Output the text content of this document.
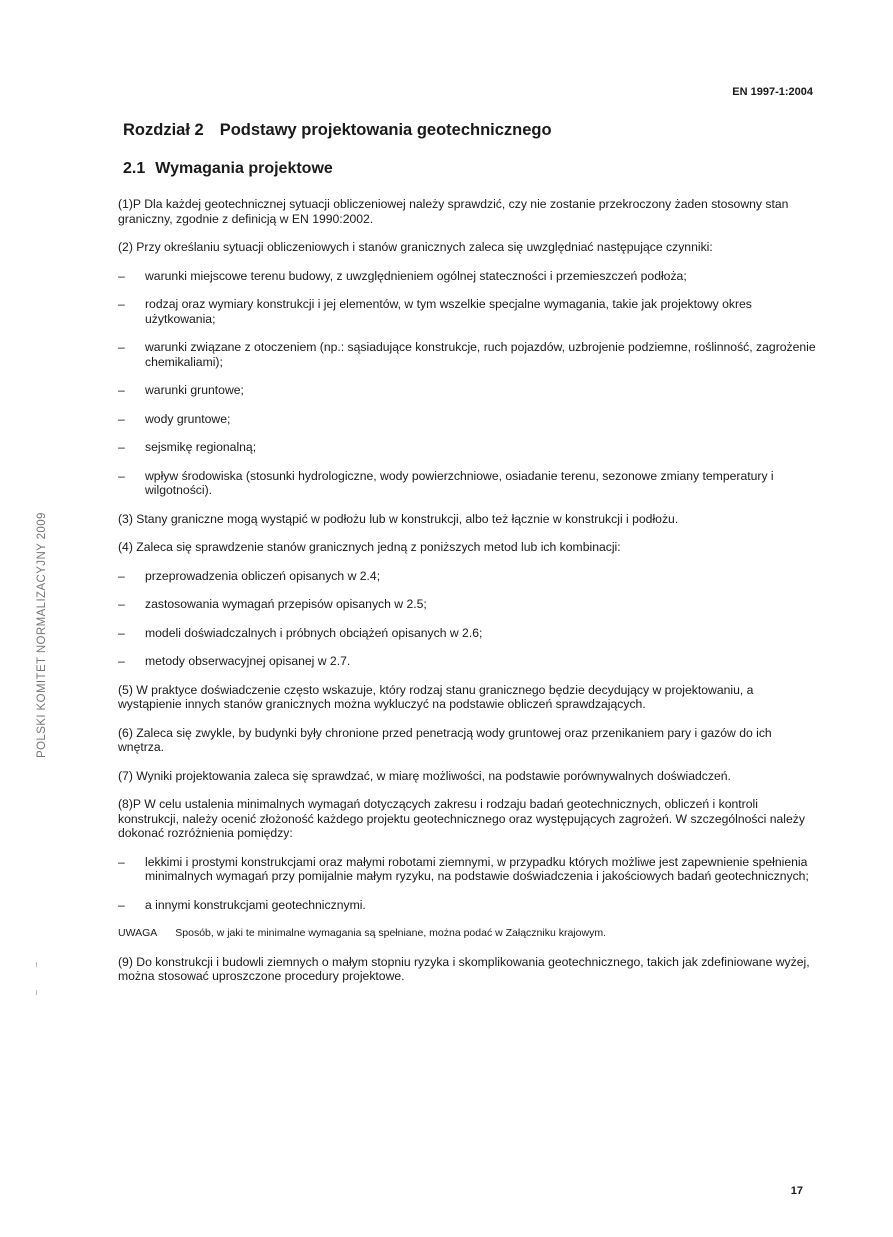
EN 1997-1:2004
POLSKI KOMITET NORMALIZACYJNY 2009
Rozdział 2 Podstawy projektowania geotechnicznego
2.1 Wymagania projektowe

(1)P Dla każdej geotechnicznej sytuacji obliczeniowej należy sprawdzić, czy nie zostanie przekroczony żaden stosowny stan graniczny, zgodnie z definicją w EN 1990:2002.

(2) Przy określaniu sytuacji obliczeniowych i stanów granicznych zaleca się uwzględniać następujące czynniki:

– warunki miejscowe terenu budowy, z uwzględnieniem ogólnej stateczności i przemieszczeń podłoża;
– rodzaj oraz wymiary konstrukcji i jej elementów, w tym wszelkie specjalne wymagania, takie jak projektowy okres użytkowania;
– warunki związane z otoczeniem (np.: sąsiadujące konstrukcje, ruch pojazdów, uzbrojenie podziemne, roślinność, zagrożenie chemikaliami);
– warunki gruntowe;
– wody gruntowe;
– sejsmikę regionalną;
– wpływ środowiska (stosunki hydrologiczne, wody powierzchniowe, osiadanie terenu, sezonowe zmiany temperatury i wilgotności).

(3) Stany graniczne mogą wystąpić w podłożu lub w konstrukcji, albo też łącznie w konstrukcji i podłożu.

(4) Zaleca się sprawdzenie stanów granicznych jedną z poniższych metod lub ich kombinacji:

– przeprowadzenia obliczeń opisanych w 2.4;
– zastosowania wymagań przepisów opisanych w 2.5;
– modeli doświadczalnych i próbnych obciążeń opisanych w 2.6;
– metody obserwacyjnej opisanej w 2.7.

(5) W praktyce doświadczenie często wskazuje, który rodzaj stanu granicznego będzie decydujący w projektowaniu, a wystąpienie innych stanów granicznych można wykluczyć na podstawie obliczeń sprawdzających.

(6) Zaleca się zwykle, by budynki były chronione przed penetracją wody gruntowej oraz przenikaniem pary i gazów do ich wnętrza.

(7) Wyniki projektowania zaleca się sprawdzać, w miarę możliwości, na podstawie porównywalnych doświadczeń.

(8)P W celu ustalenia minimalnych wymagań dotyczących zakresu i rodzaju badań geotechnicznych, obliczeń i kontroli konstrukcji, należy ocenić złożoność każdego projektu geotechnicznego oraz występujących zagrożeń. W szczególności należy dokonać rozróżnienia pomiędzy:

– lekkimi i prostymi konstrukcjami oraz małymi robotami ziemnymi, w przypadku których możliwe jest zapewnienie spełnienia minimalnych wymagań przy pomijalnie małym ryzyku, na podstawie doświadczenia i jakościowych badań geotechnicznych;
– a innymi konstrukcjami geotechnicznymi.
UWAGA Sposób, w jaki te minimalne wymagania są spełniane, można podać w Załączniku krajowym.

(9) Do konstrukcji i budowli ziemnych o małym stopniu ryzyka i skomplikowania geotechnicznego, takich jak zdefiniowane wyżej, można stosować uproszczone procedury projektowe.

17
